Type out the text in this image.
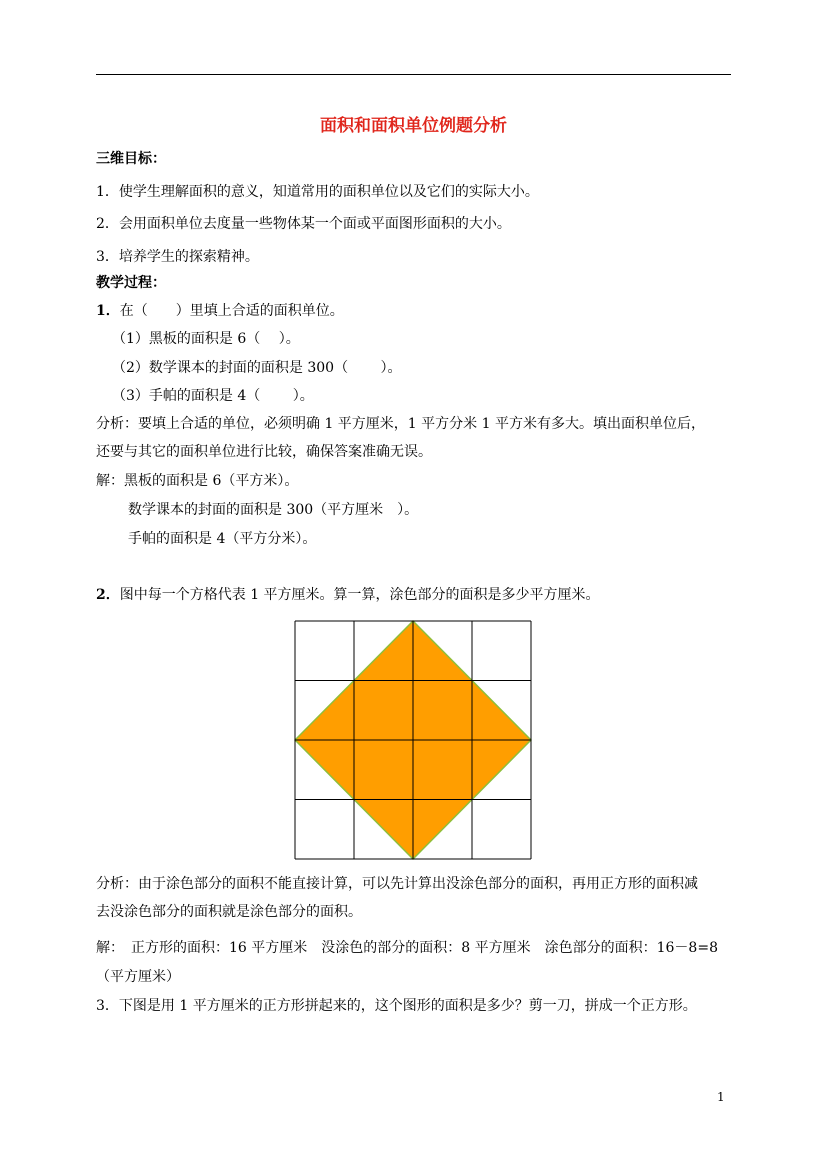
面积和面积单位例题分析
三维目标：
1．使学生理解面积的意义，知道常用的面积单位以及它们的实际大小。
2．会用面积单位去度量一些物体某一个面或平面图形面积的大小。
3．培养学生的探索精神。
教学过程：
1．在（　　）里填上合适的面积单位。
（1）黑板的面积是 6（　 ）。
（2）数学课本的封面的面积是 300（　　 ）。
（3）手帕的面积是 4（　　 ）。
分析：要填上合适的单位，必须明确 1 平方厘米，1 平方分米 1 平方米有多大。填出面积单位后，
还要与其它的面积单位进行比较，确保答案准确无误。
解：黑板的面积是 6（平方米）。
数学课本的封面的面积是 300（平方厘米　）。
手帕的面积是 4（平方分米）。
2．图中每一个方格代表 1 平方厘米。算一算，涂色部分的面积是多少平方厘米。
分析：由于涂色部分的面积不能直接计算，可以先计算出没涂色部分的面积，再用正方形的面积减
去没涂色部分的面积就是涂色部分的面积。
解：　正方形的面积：16 平方厘米　没涂色的部分的面积：8 平方厘米　涂色部分的面积：16－8=8
（平方厘米）
3．下图是用 1 平方厘米的正方形拼起来的，这个图形的面积是多少？剪一刀，拼成一个正方形。
1
